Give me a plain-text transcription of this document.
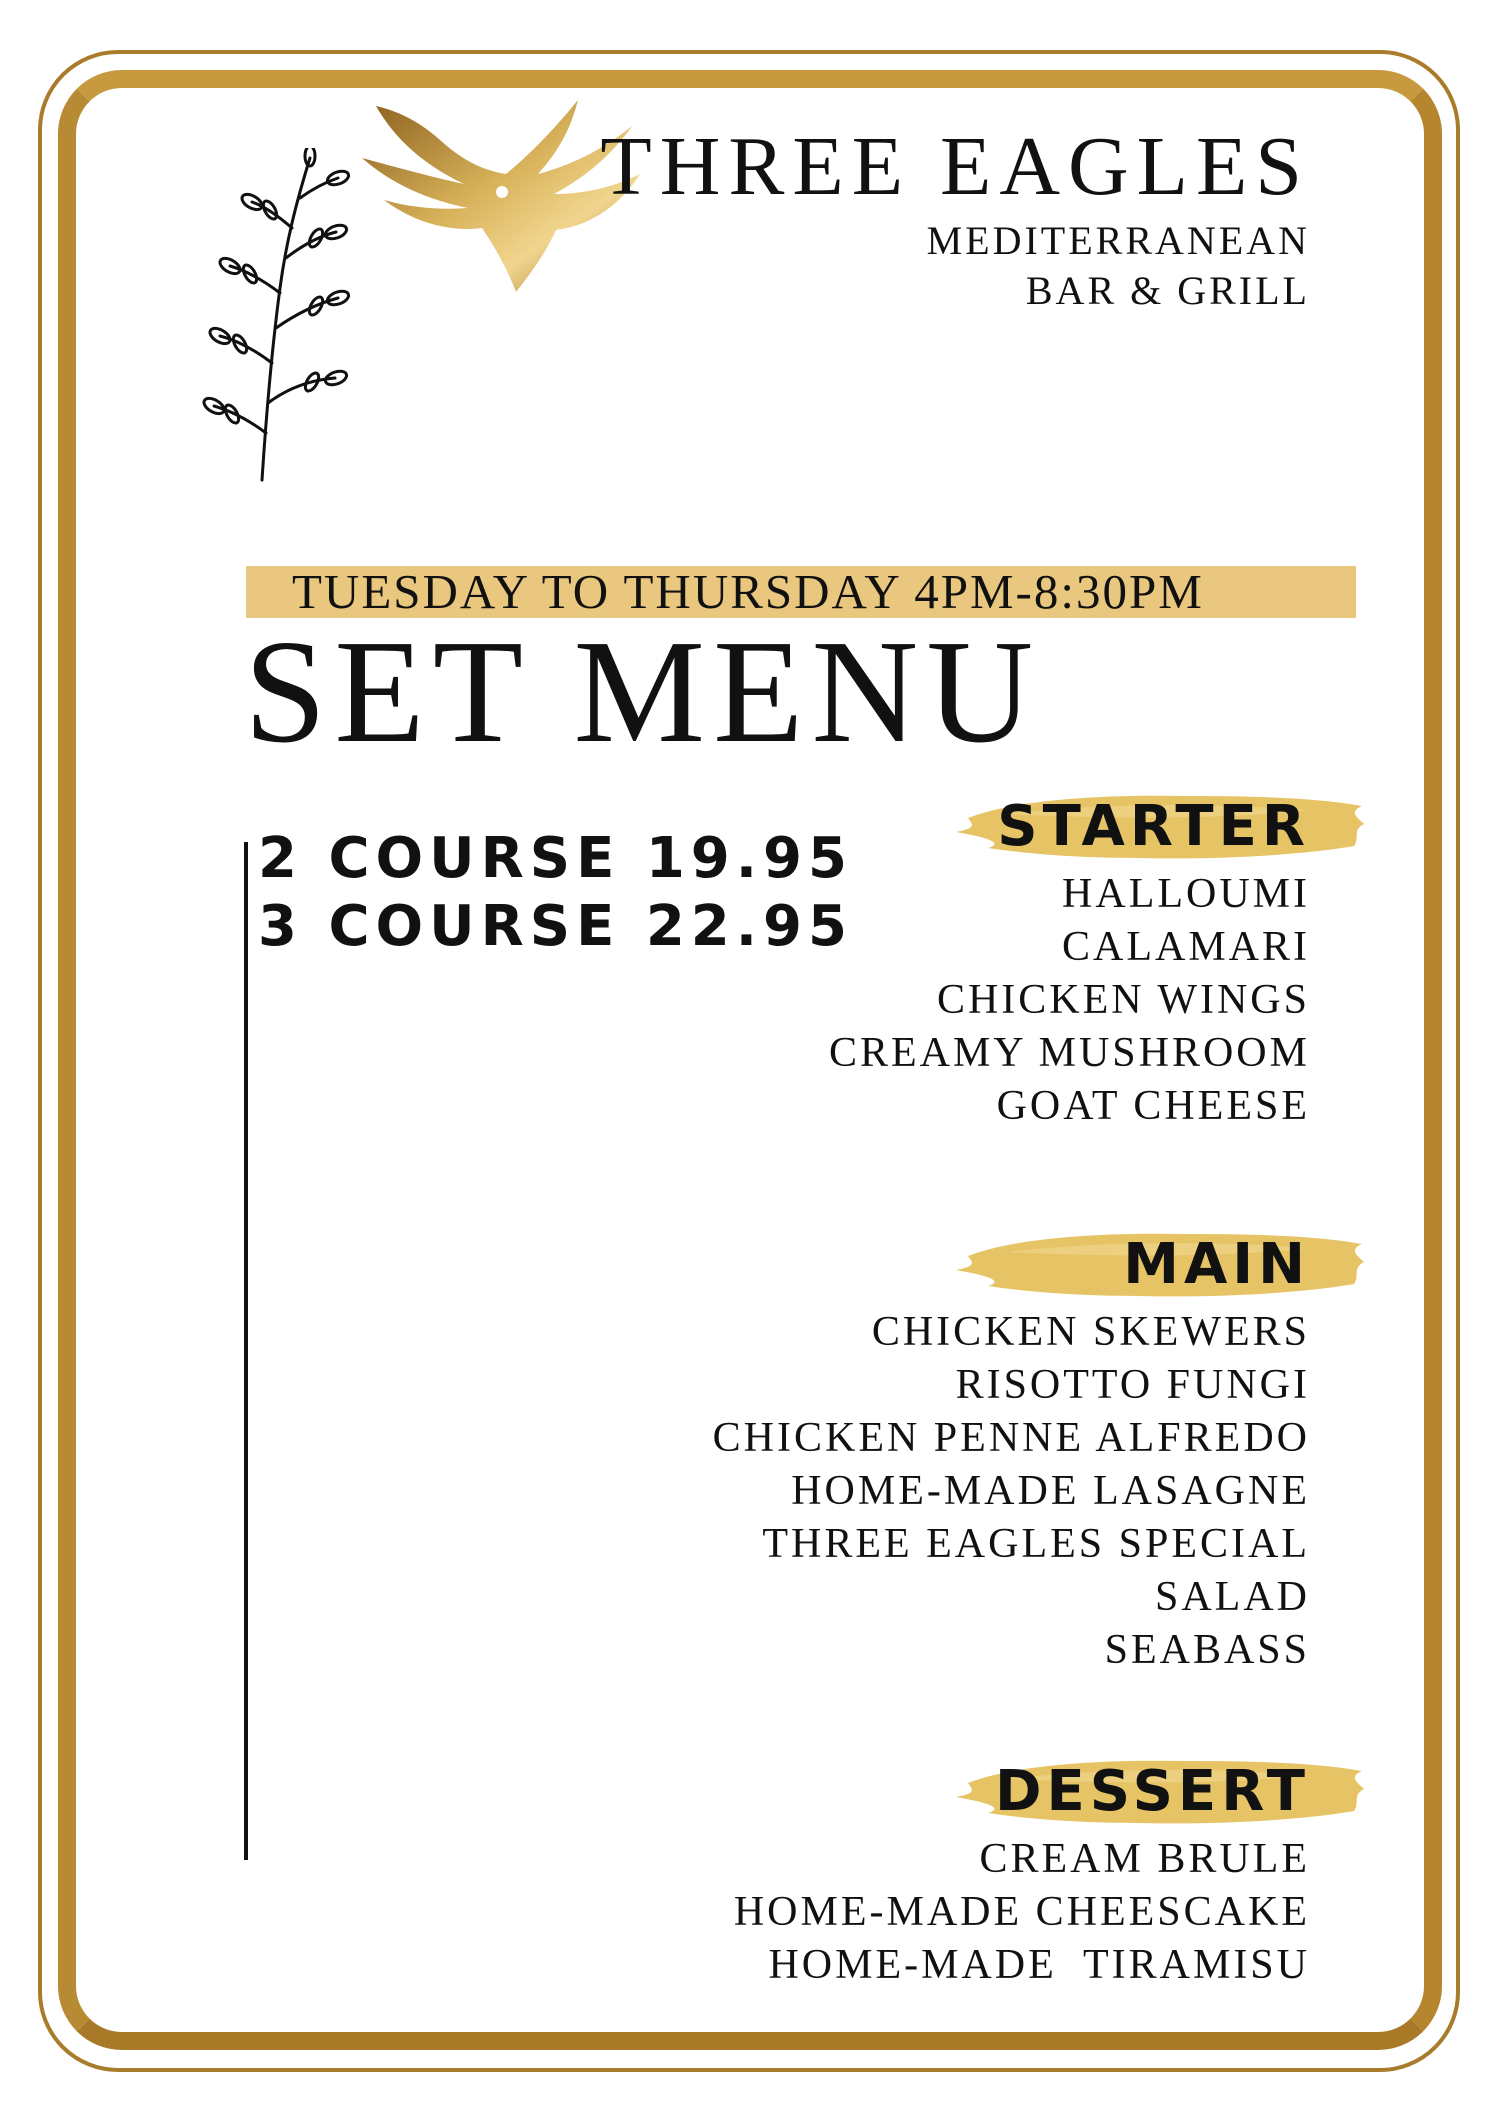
THREE EAGLES
MEDITERRANEAN
BAR & GRILL
TUESDAY TO THURSDAY 4PM-8:30PM
SET MENU
2 COURSE 19.95
3 COURSE 22.95
STARTER
HALLOUMI
CALAMARI
CHICKEN WINGS
CREAMY MUSHROOM
GOAT CHEESE
MAIN
CHICKEN SKEWERS
RISOTTO FUNGI
CHICKEN PENNE ALFREDO
HOME-MADE LASAGNE
THREE EAGLES SPECIAL
SALAD
SEABASS
DESSERT
CREAM BRULE
HOME-MADE CHEESCAKE
HOME-MADE  TIRAMISU
